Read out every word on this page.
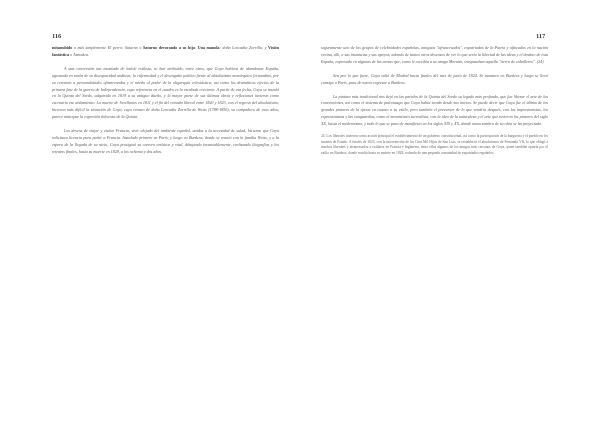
116	117

mitanubido o más simplemente El perro; Saturno o Saturno devorando a su hijo; Una manola: doña Leocadia Zorrilla, y Visión fantástica o Asmodea.

A una conversión tan inusitada de índole estilista, se han atribuido, entre otros, que Goya hubiera de abandonar España, agravada en razón de su discapacidad auditiva, la enfermedad y el desengaño político frente al absolutismo monárquico fernandino, por su cercanía a personalidades afrancesadas y el miedo al poder de la oligarquía eclesiástica; así como los dramáticos efectos de la primera fase de la guerra de Independencia, cuya referencia en el cuadro es la escalada creciente. A partir de esa fecha, Goya se instaló en la Quinta del Sordo, adquirida en 1819 a su antiguo dueño, y la mayor parte de sus últimas obras y reflexiones tuvieron como escenario ese aislamiento. La muerte de Jovellanos en 1811 y el fin del reinado liberal entre 1820 y 1823, con el regreso del absolutismo, hicieron más difícil la situación de Goya, cuyo retrato de doña Leocadia Zorrilla de Weiss (1788-1856), su compañera de esos años, parece anticipar la expresión dolorosa de la Quinta.

Los deseos de viajar y visitar Francia, vivir alejado del ambiente español, unidos a la necesidad de salud, hicieron que Goya solicitara licencia para partir a Francia. Instalado primero en París, y luego en Burdeos, donde se reunió con la familia Weiss, y a la espera de la llegada de su nieto, Goya prosiguió su carrera artística y vital, dibujando incansablemente, realizando litografías y los retratos finales, hasta su muerte en 1828, a los ochenta y dos años.

seguramente uno de los grupos de celebridades españolas, antiguos "afrancesados", expatriados de la Patria y afincados en la nación vecina, allí, a sus instancias y sus apoyos, además de tantos otros deseosos de ver lo que sería la libertad de las ideas y el destino de esta España, expresado en algunas de las cartas que, como le escribía a su amigo Moratín, traspasaban aquella "tierra de caballeros". (24)

Sea por lo que fuere, Goya salió de Madrid hacia finales del mes de junio de 1824. Se mantuvo en Burdeos y luego se llevó consigo a París, para de nuevo regresar a Burdeos.

La pintura más tradicional nos dejó en las paredes de la Quinta del Sordo su legado más profundo, que fue liberar el arte de las convenciones, así como el sistema de patronazgo que Goya había tenido desde sus inicios. Se puede decir que Goya fue el último de los grandes pintores de la época en cuanto a su estilo, pero también el precursor de lo que vendría después, con los impresionistas, los expresionistas y las vanguardias, como el movimiento surrealista, con la idea de la naturaleza y el arte que tuvieron los pintores del siglo XX, hasta el modernismo, y todo lo que se puso de manifiesto en los siglos XIX y XX, donde tanta sombra de su obra se ha proyectado.

24. Los liberales tuvieron como acción principal el establecimiento de un gobierno constitucional, así como la participación de la burguesía y el pueblo en los asuntos de Estado. A finales de 1823, con la intervención de los Cien Mil Hijos de San Luis, se restableció el absolutismo de Fernando VII, lo que obligó a muchos liberales y afrancesados a exiliarse en Francia e Inglaterra, entre ellos algunos de los amigos más cercanos de Goya, quien también optaría por el exilio en Burdeos, donde residió hasta su muerte en 1828, rodeado de una pequeña comunidad de expatriados españoles.
